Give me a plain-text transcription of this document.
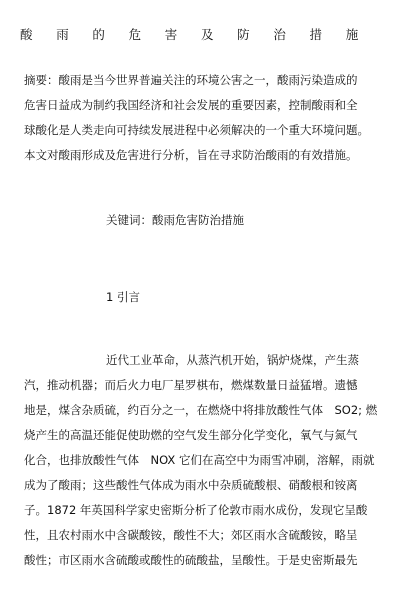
酸 雨 的 危 害 及 防 治 措 施

摘要：酸雨是当今世界普遍关注的环境公害之一，酸雨污染造成的
危害日益成为制约我国经济和社会发展的重要因素，控制酸雨和全
球酸化是人类走向可持续发展进程中必须解决的一个重大环境问题。
本文对酸雨形成及危害进行分析，旨在寻求防治酸雨的有效措施。

关键词：酸雨危害防治措施

1 引言

近代工业革命，从蒸汽机开始，锅炉烧煤，产生蒸
汽，推动机器；而后火力电厂星罗棋布，燃煤数量日益猛增。遗憾
地是，煤含杂质硫，约百分之一，在燃烧中将排放酸性气体　SO2; 燃
烧产生的高温还能促使助燃的空气发生部分化学变化，氧气与氮气
化合，也排放酸性气体　NOX 它们在高空中为雨雪冲刷，溶解，雨就
成为了酸雨；这些酸性气体成为雨水中杂质硫酸根、硝酸根和铵离
子。1872 年英国科学家史密斯分析了伦敦市雨水成份，发现它呈酸
性，且农村雨水中含碳酸铵，酸性不大；郊区雨水含硫酸铵，略呈
酸性；市区雨水含硫酸或酸性的硫酸盐，呈酸性。于是史密斯最先
